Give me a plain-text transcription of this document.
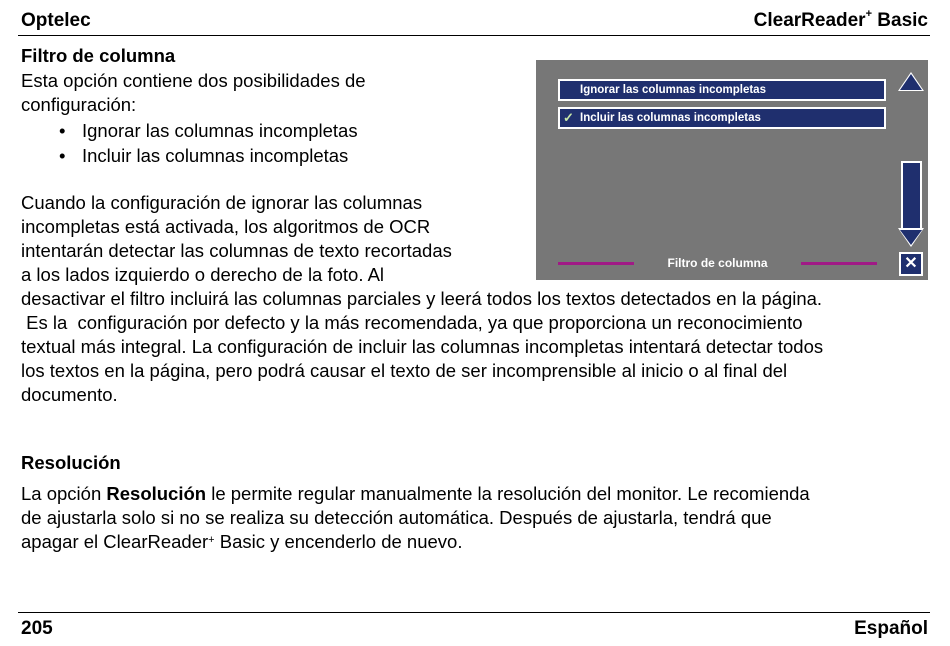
Optelec	ClearReader+ Basic
Filtro de columna
Esta opción contiene dos posibilidades de
configuración:
• Ignorar las columnas incompletas
• Incluir las columnas incompletas
Cuando la configuración de ignorar las columnas
incompletas está activada, los algoritmos de OCR
intentarán detectar las columnas de texto recortadas
a los lados izquierdo o derecho de la foto. Al
desactivar el filtro incluirá las columnas parciales y leerá todos los textos detectados en la página.
Es la  configuración por defecto y la más recomendada, ya que proporciona un reconocimiento
textual más integral. La configuración de incluir las columnas incompletas intentará detectar todos
los textos en la página, pero podrá causar el texto de ser incomprensible al inicio o al final del
documento.
Ignorar las columnas incompletas
✓ Incluir las columnas incompletas
Filtro de columna	✕
Resolución
La opción Resolución le permite regular manualmente la resolución del monitor. Le recomienda
de ajustarla solo si no se realiza su detección automática. Después de ajustarla, tendrá que
apagar el ClearReader+ Basic y encenderlo de nuevo.
205	Español
